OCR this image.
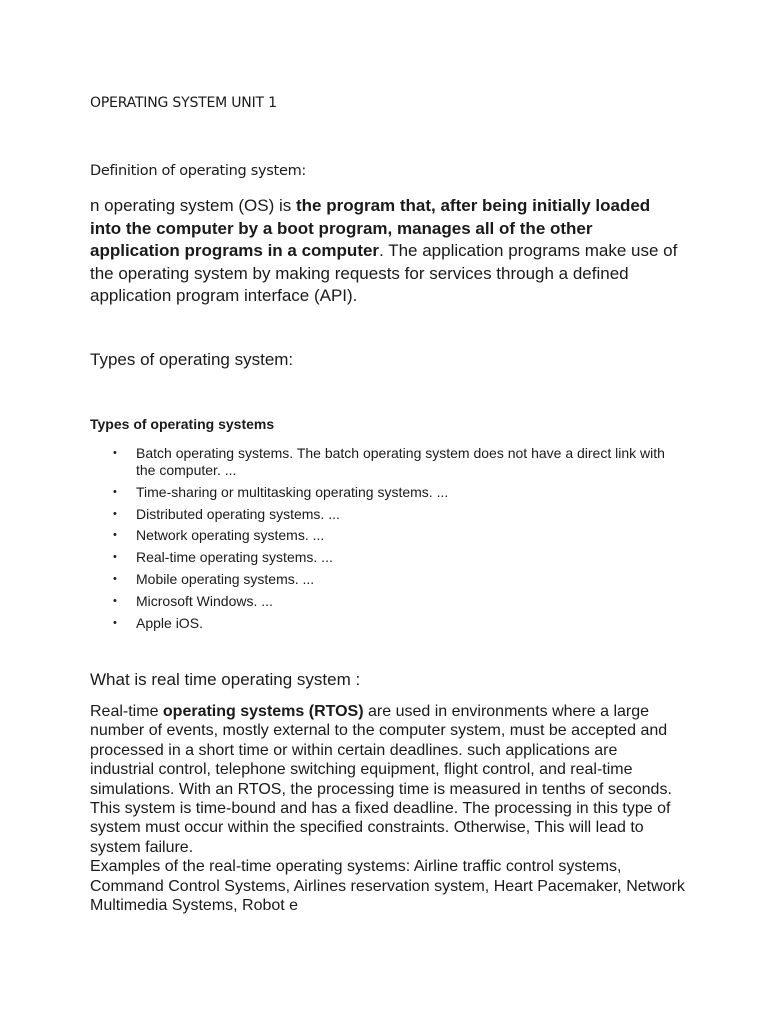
OPERATING SYSTEM UNIT 1
Definition of operating system:

n operating system (OS) is the program that, after being initially loaded into the computer by a boot program, manages all of the other application programs in a computer. The application programs make use of the operating system by making requests for services through a defined application program interface (API).

Types of operating system:
Types of operating systems
• Batch operating systems. The batch operating system does not have a direct link with the computer. ...
• Time-sharing or multitasking operating systems. ...
• Distributed operating systems. ...
• Network operating systems. ...
• Real-time operating systems. ...
• Mobile operating systems. ...
• Microsoft Windows. ...
• Apple iOS.
What is real time operating system :

Real-time operating systems (RTOS) are used in environments where a large number of events, mostly external to the computer system, must be accepted and processed in a short time or within certain deadlines. such applications are industrial control, telephone switching equipment, flight control, and real-time simulations. With an RTOS, the processing time is measured in tenths of seconds. This system is time-bound and has a fixed deadline. The processing in this type of system must occur within the specified constraints. Otherwise, This will lead to system failure.
Examples of the real-time operating systems: Airline traffic control systems, Command Control Systems, Airlines reservation system, Heart Pacemaker, Network Multimedia Systems, Robot e
